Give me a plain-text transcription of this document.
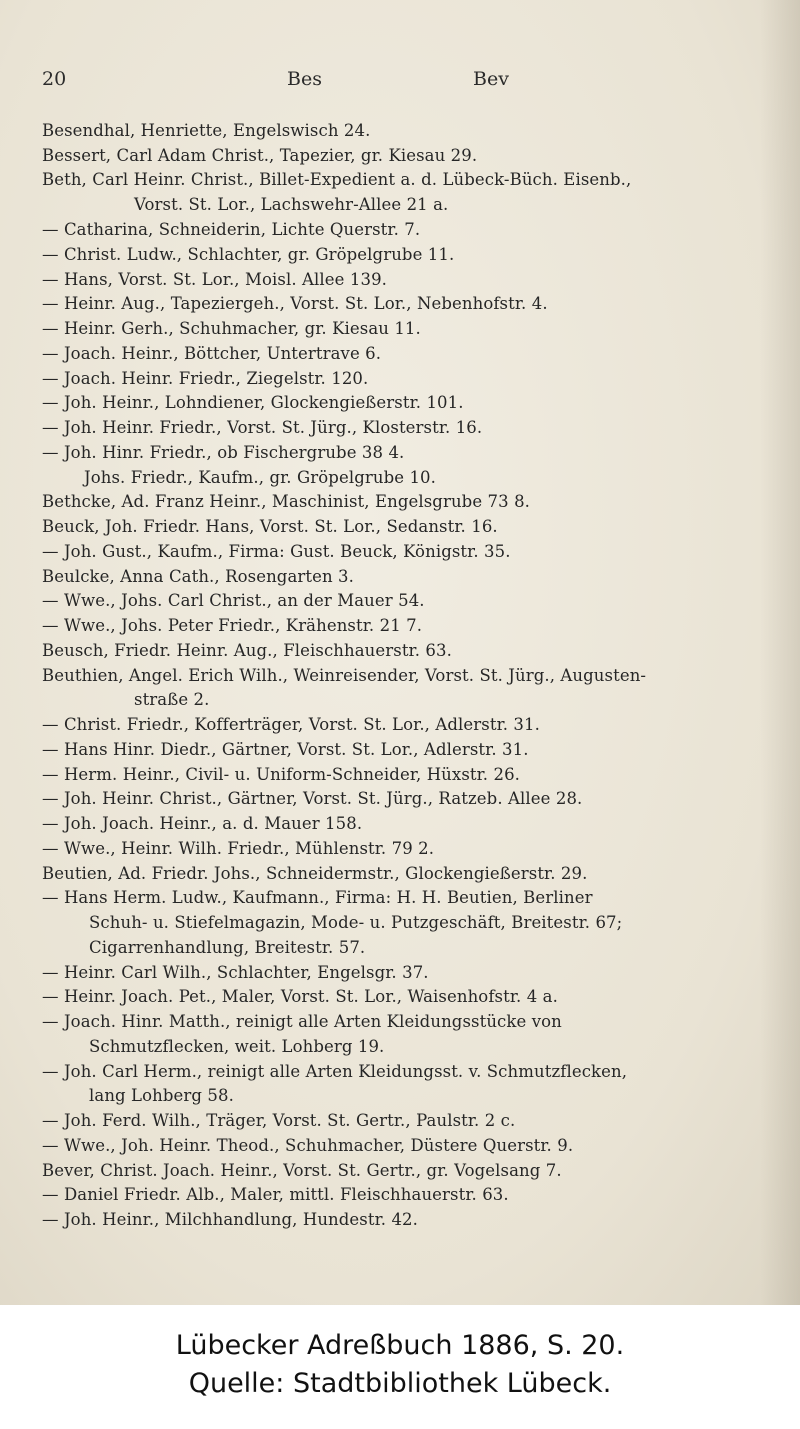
20	Bes	Bev
Besendhal, Henriette, Engelswisch 24.
Bessert, Carl Adam Christ., Tapezier, gr. Kiesau 29.
Beth, Carl Heinr. Christ., Billet-Expedient a. d. Lübeck-Büch. Eisenb.,
Vorst. St. Lor., Lachswehr-Allee 21 a.
— Catharina, Schneiderin, Lichte Querstr. 7.
— Christ. Ludw., Schlachter, gr. Gröpelgrube 11.
— Hans, Vorst. St. Lor., Moisl. Allee 139.
— Heinr. Aug., Tapeziergeh., Vorst. St. Lor., Nebenhofstr. 4.
— Heinr. Gerh., Schuhmacher, gr. Kiesau 11.
— Joach. Heinr., Böttcher, Untertrave 6.
— Joach. Heinr. Friedr., Ziegelstr. 120.
— Joh. Heinr., Lohndiener, Glockengießerstr. 101.
— Joh. Heinr. Friedr., Vorst. St. Jürg., Klosterstr. 16.
— Joh. Hinr. Friedr., ob Fischergrube 38 4.
Johs. Friedr., Kaufm., gr. Gröpelgrube 10.
Bethcke, Ad. Franz Heinr., Maschinist, Engelsgrube 73 8.
Beuck, Joh. Friedr. Hans, Vorst. St. Lor., Sedanstr. 16.
— Joh. Gust., Kaufm., Firma: Gust. Beuck, Königstr. 35.
Beulcke, Anna Cath., Rosengarten 3.
— Wwe., Johs. Carl Christ., an der Mauer 54.
— Wwe., Johs. Peter Friedr., Krähenstr. 21 7.
Beusch, Friedr. Heinr. Aug., Fleischhauerstr. 63.
Beuthien, Angel. Erich Wilh., Weinreisender, Vorst. St. Jürg., Augusten-
straße 2.
— Christ. Friedr., Kofferträger, Vorst. St. Lor., Adlerstr. 31.
— Hans Hinr. Diedr., Gärtner, Vorst. St. Lor., Adlerstr. 31.
— Herm. Heinr., Civil- u. Uniform-Schneider, Hüxstr. 26.
— Joh. Heinr. Christ., Gärtner, Vorst. St. Jürg., Ratzeb. Allee 28.
— Joh. Joach. Heinr., a. d. Mauer 158.
— Wwe., Heinr. Wilh. Friedr., Mühlenstr. 79 2.
Beutien, Ad. Friedr. Johs., Schneidermstr., Glockengießerstr. 29.
— Hans Herm. Ludw., Kaufmann., Firma: H. H. Beutien, Berliner
Schuh- u. Stiefelmagazin, Mode- u. Putzgeschäft, Breitestr. 67;
Cigarrenhandlung, Breitestr. 57.
— Heinr. Carl Wilh., Schlachter, Engelsgr. 37.
— Heinr. Joach. Pet., Maler, Vorst. St. Lor., Waisenhofstr. 4 a.
— Joach. Hinr. Matth., reinigt alle Arten Kleidungsstücke von
Schmutzflecken, weit. Lohberg 19.
— Joh. Carl Herm., reinigt alle Arten Kleidungsst. v. Schmutzflecken,
lang Lohberg 58.
— Joh. Ferd. Wilh., Träger, Vorst. St. Gertr., Paulstr. 2 c.
— Wwe., Joh. Heinr. Theod., Schuhmacher, Düstere Querstr. 9.
Bever, Christ. Joach. Heinr., Vorst. St. Gertr., gr. Vogelsang 7.
— Daniel Friedr. Alb., Maler, mittl. Fleischhauerstr. 63.
— Joh. Heinr., Milchhandlung, Hundestr. 42.
Lübecker Adreßbuch 1886, S. 20.
Quelle: Stadtbibliothek Lübeck.
